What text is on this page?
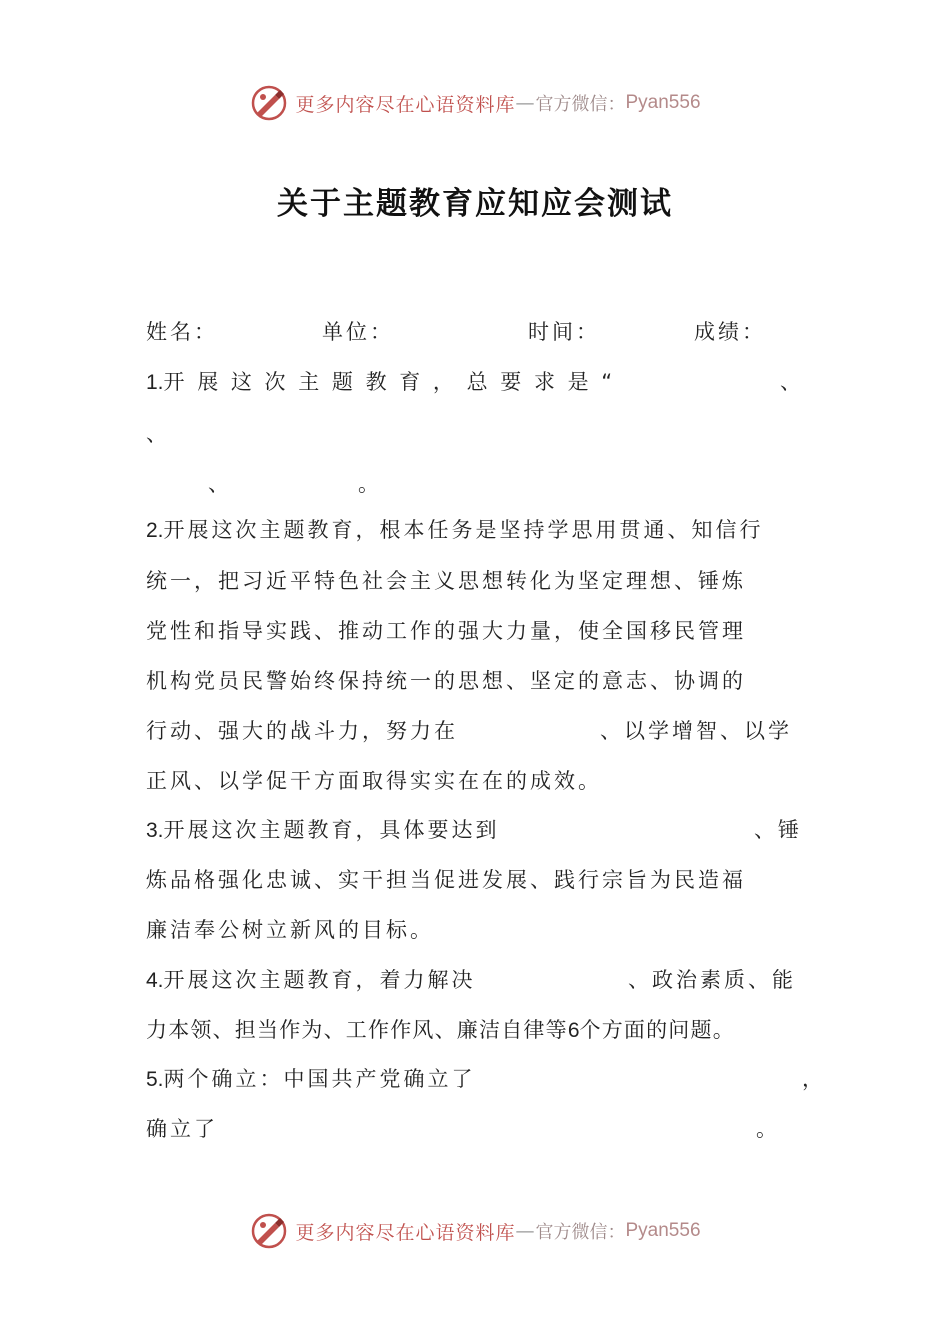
更多内容尽在心语资料库 — 官方微信： Pyan556
关于主题教育应知应会测试
姓名：	单位：	时间：	成绩：
1.开 展 这 次 主 题 教 育 ， 总 要 求 是 “	、
、
、	。
2.开展这次主题教育，根本任务是坚持学思用贯通、知信行
统一，把习近平特色社会主义思想转化为坚定理想、锤炼
党性和指导实践、推动工作的强大力量，使全国移民管理
机构党员民警始终保持统一的思想、坚定的意志、协调的
行动、强大的战斗力，努力在	、以学增智、以学
正风、以学促干方面取得实实在在的成效。
3.开展这次主题教育，具体要达到	、锤
炼品格强化忠诚、实干担当促进发展、践行宗旨为民造福
廉洁奉公树立新风的目标。
4.开展这次主题教育，着力解决	、政治素质、能
力本领、担当作为、工作作风、廉洁自律等6个方面的问题。
5.两个确立：中国共产党确立了	，
确立了	。
更多内容尽在心语资料库 — 官方微信： Pyan556
